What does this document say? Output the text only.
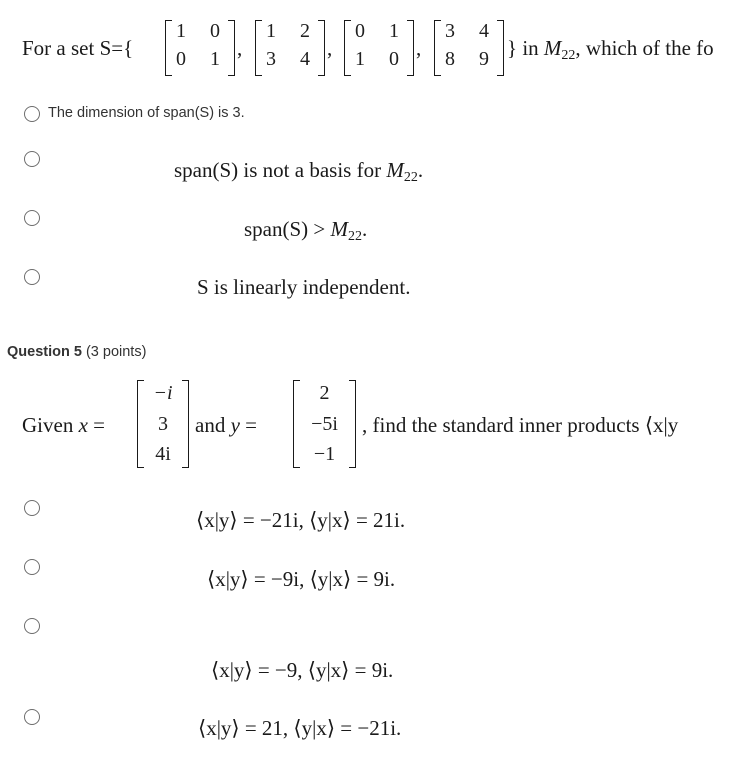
For a set S={
1	0
0	1 ,
1	2
3	4 ,
0	1
1	0 ,
3	4
8	9 } in $M_{22}$, which of the fo
The dimension of span(S) is 3.
span(S) is not a basis for $M_{22}$.
span(S) > $M_{22}$.
S is linearly independent.
Question 5 (3 points)
Given x =
−i
3
4i
and y =
2
−5i
−1
, find the standard inner products ⟨x|y
⟨x|y⟩ = −21i, ⟨y|x⟩ = 21i.
⟨x|y⟩ = −9i, ⟨y|x⟩ = 9i.
⟨x|y⟩ = −9, ⟨y|x⟩ = 9i.
⟨x|y⟩ = 21, ⟨y|x⟩ = −21i.
